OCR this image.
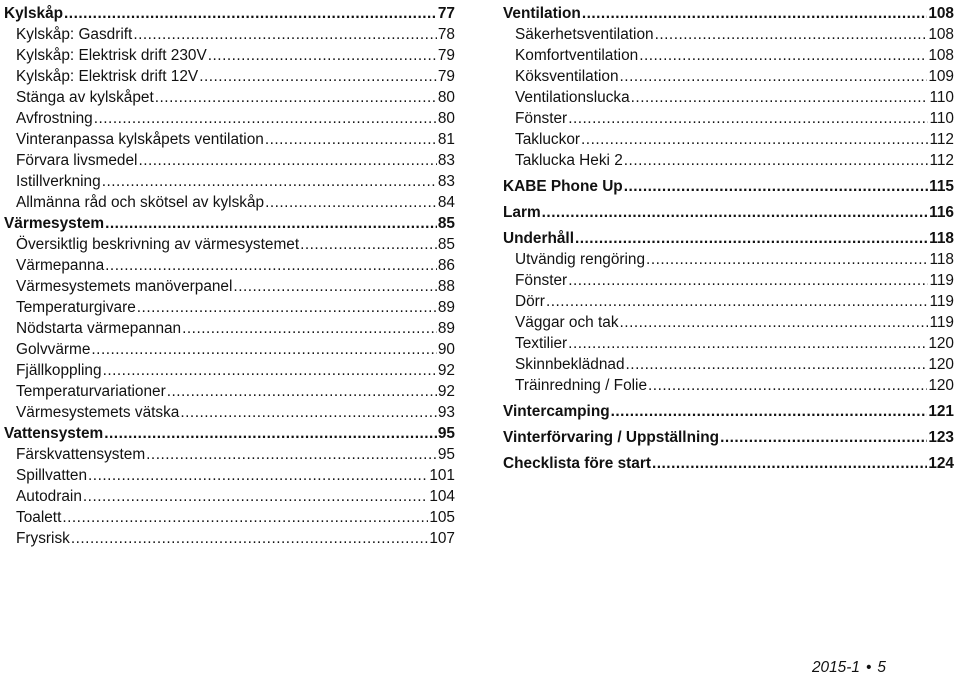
Kylskåp .....	77
Kylskåp: Gasdrift .....	78
Kylskåp: Elektrisk drift 230V .....	79
Kylskåp: Elektrisk drift 12V .....	79
Stänga av kylskåpet .....	80
Avfrostning .....	80
Vinteranpassa kylskåpets ventilation .....	81
Förvara livsmedel .....	83
Istillverkning .....	83
Allmänna råd och skötsel av kylskåp .....	84
Värmesystem .....	85
Översiktlig beskrivning av värmesystemet .....	85
Värmepanna .....	86
Värmesystemets manöverpanel .....	88
Temperaturgivare .....	89
Nödstarta värmepannan .....	89
Golvvärme .....	90
Fjällkoppling .....	92
Temperaturvariationer .....	92
Värmesystemets vätska .....	93
Vattensystem .....	95
Färskvattensystem .....	95
Spillvatten .....	101
Autodrain .....	104
Toalett .....	105
Frysrisk .....	107
Ventilation .....	108
Säkerhetsventilation .....	108
Komfortventilation .....	108
Köksventilation .....	109
Ventilationslucka .....	110
Fönster .....	110
Takluckor .....	112
Taklucka Heki 2 .....	112
KABE Phone Up .....	115
Larm .....	116
Underhåll .....	118
Utvändig rengöring .....	118
Fönster .....	119
Dörr .....	119
Väggar och tak .....	119
Textilier .....	120
Skinnbeklädnad .....	120
Träinredning / Folie .....	120
Vintercamping .....	121
Vinterförvaring / Uppställning .....	123
Checklista före start .....	124
2015-1 • 5
